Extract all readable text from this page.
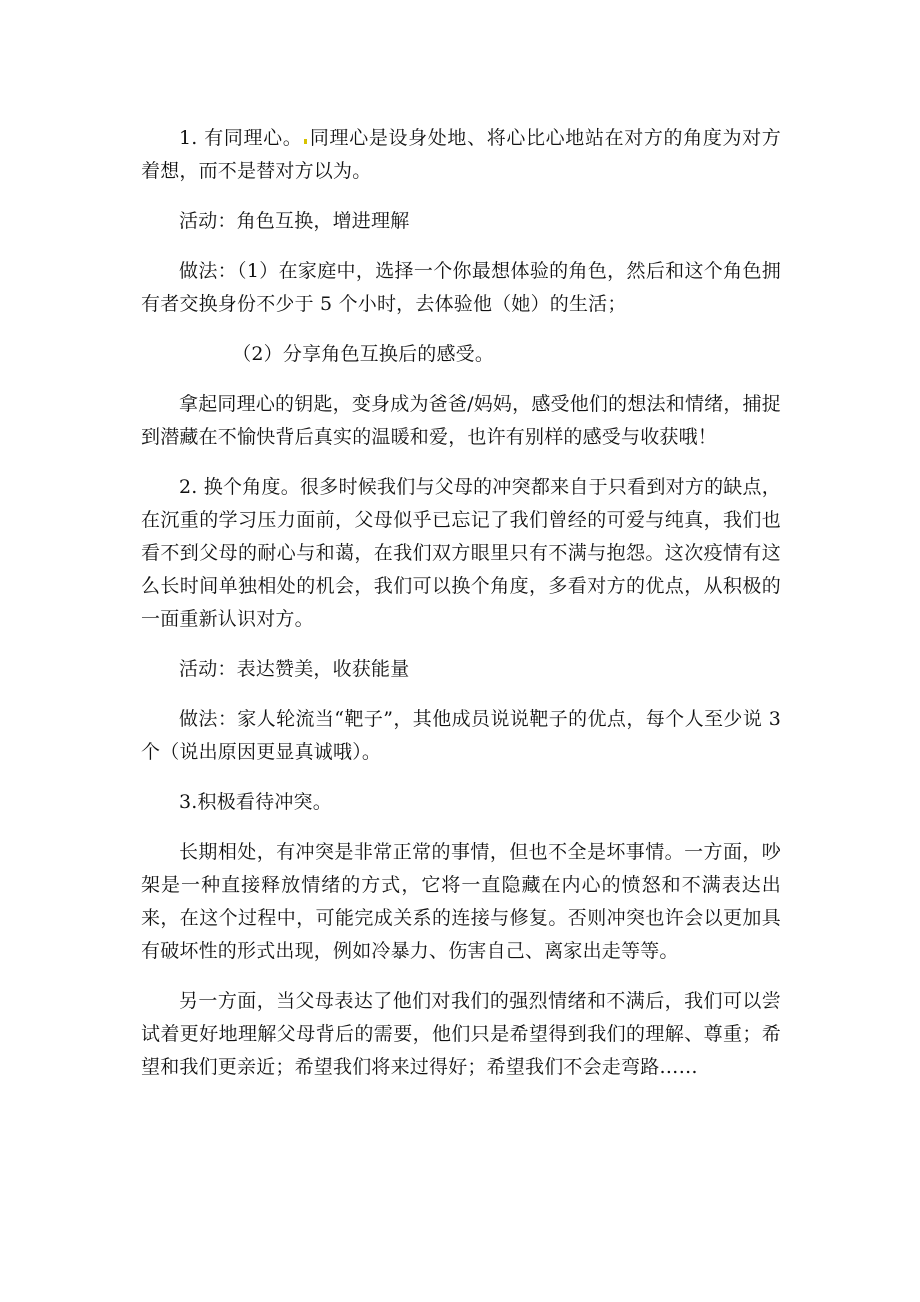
1. 有同理心。 同理心是设身处地、将心比心地站在对方的角度为对方着想，而不是替对方以为。

活动：角色互换，增进理解

做法：（1）在家庭中，选择一个你最想体验的角色，然后和这个角色拥有者交换身份不少于 5 个小时，去体验他（她）的生活；

（2）分享角色互换后的感受。

拿起同理心的钥匙，变身成为爸爸/妈妈，感受他们的想法和情绪，捕捉到潜藏在不愉快背后真实的温暖和爱，也许有别样的感受与收获哦！

2. 换个角度。很多时候我们与父母的冲突都来自于只看到对方的缺点，在沉重的学习压力面前，父母似乎已忘记了我们曾经的可爱与纯真，我们也看不到父母的耐心与和蔼，在我们双方眼里只有不满与抱怨。这次疫情有这么长时间单独相处的机会，我们可以换个角度，多看对方的优点，从积极的一面重新认识对方。

活动：表达赞美，收获能量

做法：家人轮流当“靶子”，其他成员说说靶子的优点，每个人至少说 3 个（说出原因更显真诚哦）。

3.积极看待冲突。

长期相处，有冲突是非常正常的事情，但也不全是坏事情。一方面，吵架是一种直接释放情绪的方式，它将一直隐藏在内心的愤怒和不满表达出来，在这个过程中，可能完成关系的连接与修复。否则冲突也许会以更加具有破坏性的形式出现，例如冷暴力、伤害自己、离家出走等等。

另一方面，当父母表达了他们对我们的强烈情绪和不满后，我们可以尝试着更好地理解父母背后的需要，他们只是希望得到我们的理解、尊重；希望和我们更亲近；希望我们将来过得好；希望我们不会走弯路……
